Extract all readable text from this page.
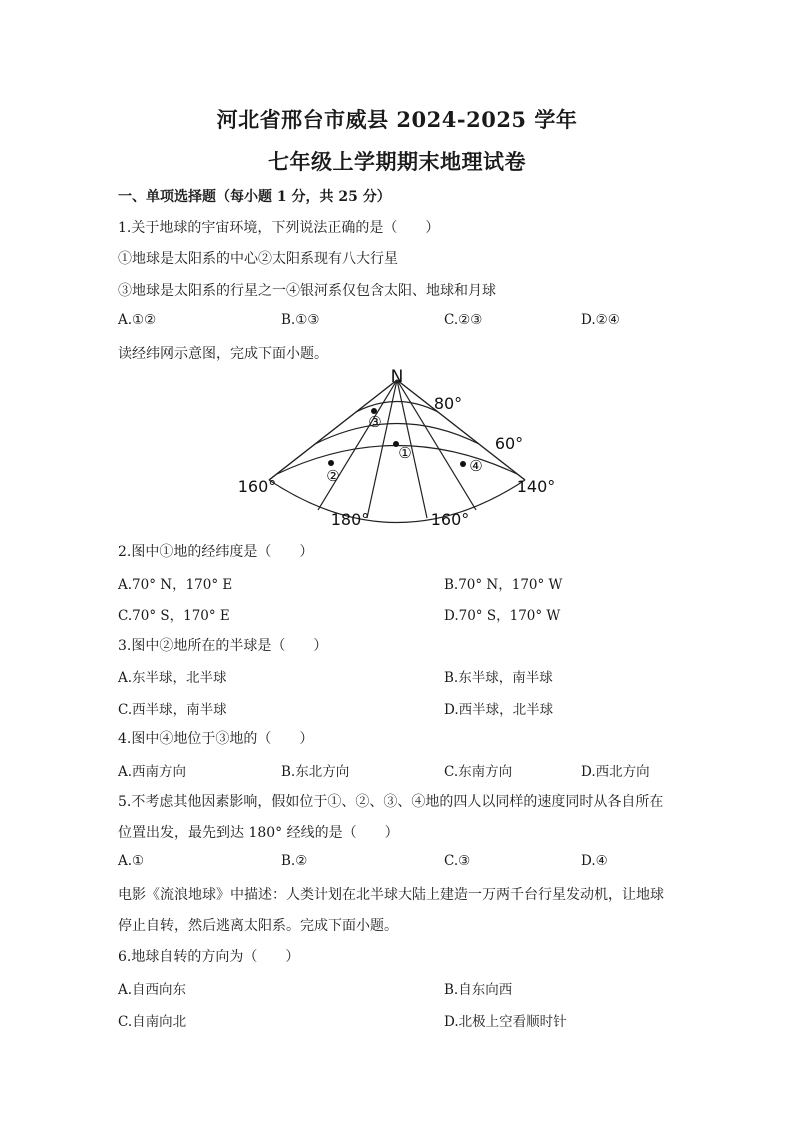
河北省邢台市威县 2024-2025 学年
七年级上学期期末地理试卷
一、单项选择题（每小题 1 分，共 25 分）
1.关于地球的宇宙环境，下列说法正确的是（　　）
①地球是太阳系的中心②太阳系现有八大行星
③地球是太阳系的行星之一④银河系仅包含太阳、地球和月球
A.①②	B.①③	C.②③	D.②④
读经纬网示意图，完成下面小题。
N
80°
60°
160°
180°	160°
140°
③
①
②
④
2.图中①地的经纬度是（　　）
A.70° N，170° E	B.70° N，170° W
C.70° S，170° E	D.70° S，170° W
3.图中②地所在的半球是（　　）
A.东半球，北半球	B.东半球，南半球
C.西半球，南半球	D.西半球，北半球
4.图中④地位于③地的（　　）
A.西南方向	B.东北方向	C.东南方向	D.西北方向
5.不考虑其他因素影响，假如位于①、②、③、④地的四人以同样的速度同时从各自所在
位置出发，最先到达 180° 经线的是（　　）
A.①	B.②	C.③	D.④
电影《流浪地球》中描述：人类计划在北半球大陆上建造一万两千台行星发动机，让地球
停止自转，然后逃离太阳系。完成下面小题。
6.地球自转的方向为（　　）
A.自西向东	B.自东向西
C.自南向北	D.北极上空看顺时针
